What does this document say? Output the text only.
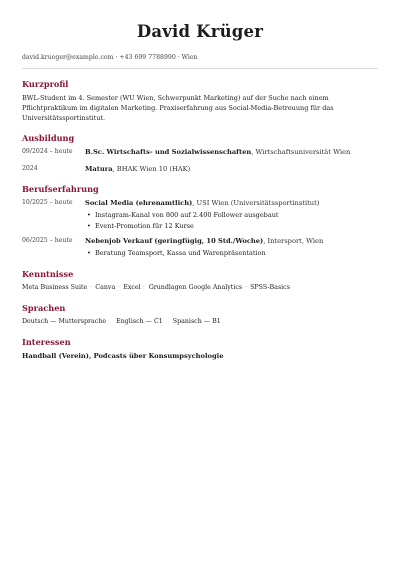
David Krüger
david.krueger@example.com · +43 699 7788990 · Wien
Kurzprofil
BWL-Student im 4. Semester (WU Wien, Schwerpunkt Marketing) auf der Suche nach einem Pflichtpraktikum im digitalen Marketing. Praxiserfahrung aus Social-Media-Betreuung für das Universitätssportinstitut.
Ausbildung
09/2024 – heute	B.Sc. Wirtschafts- und Sozialwissenschaften, Wirtschaftsuniversität Wien
2024	Matura, BHAK Wien 10 (HAK)
Berufserfahrung
10/2025 – heute	Social Media (ehrenamtlich), USI Wien (Universitätssportinstitut)
• Instagram-Kanal von 800 auf 2.400 Follower ausgebaut
• Event-Promotion für 12 Kurse
06/2025 – heute	Nebenjob Verkauf (geringfügig, 10 Std./Woche), Intersport, Wien
• Beratung Teamsport, Kassa und Warenpräsentation
Kenntnisse
Meta Business Suite · Canva · Excel · Grundlagen Google Analytics · SPSS-Basics
Sprachen
Deutsch — Muttersprache Englisch — C1 Spanisch — B1
Interessen
Handball (Verein), Podcasts über Konsumpsychologie
